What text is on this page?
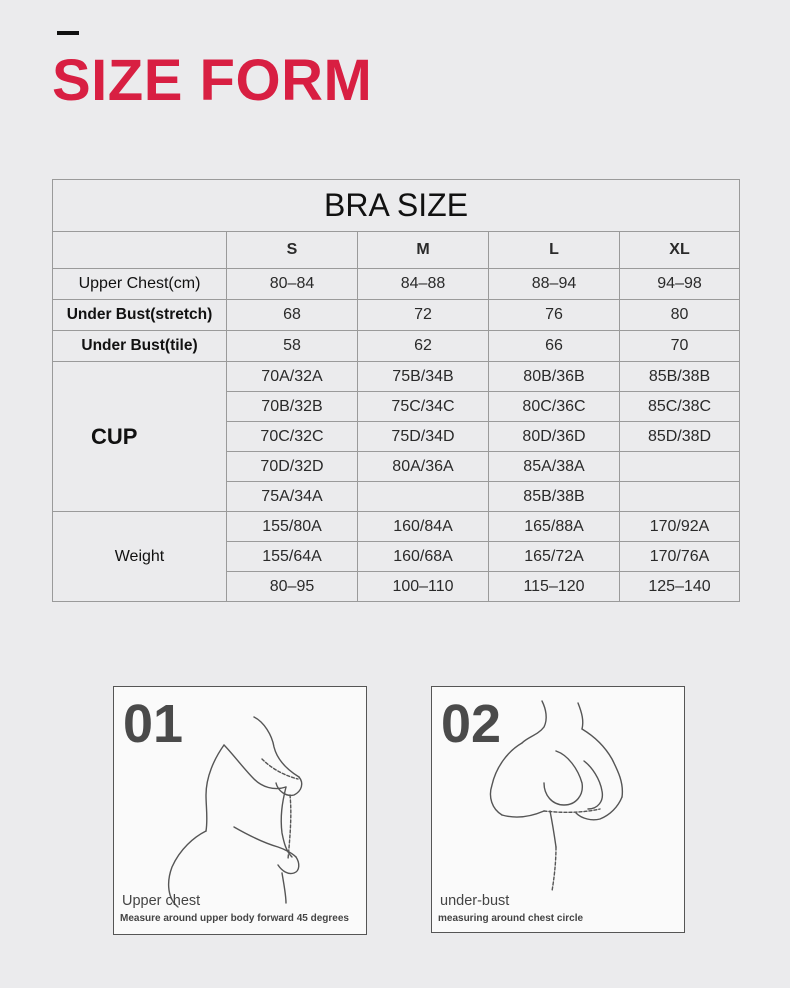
SIZE FORM
BRA SIZE				
	S	M	L	XL
Upper Chest(cm)	80–84	84–88	88–94	94–98
Under Bust(stretch)	68	72	76	80
Under Bust(tile)	58	62	66	70
CUP	70A/32A	75B/34B	80B/36B	85B/38B
	70B/32B	75C/34C	80C/36C	85C/38C
	70C/32C	75D/34D	80D/36D	85D/38D
	70D/32D	80A/36A	85A/38A	
	75A/34A		85B/38B	
Weight	155/80A	160/84A	165/88A	170/92A
	155/64A	160/68A	165/72A	170/76A
	80–95	100–110	115–120	125–140
01
Upper chest
Measure around upper body forward 45 degrees
02
under-bust
measuring around chest circle
